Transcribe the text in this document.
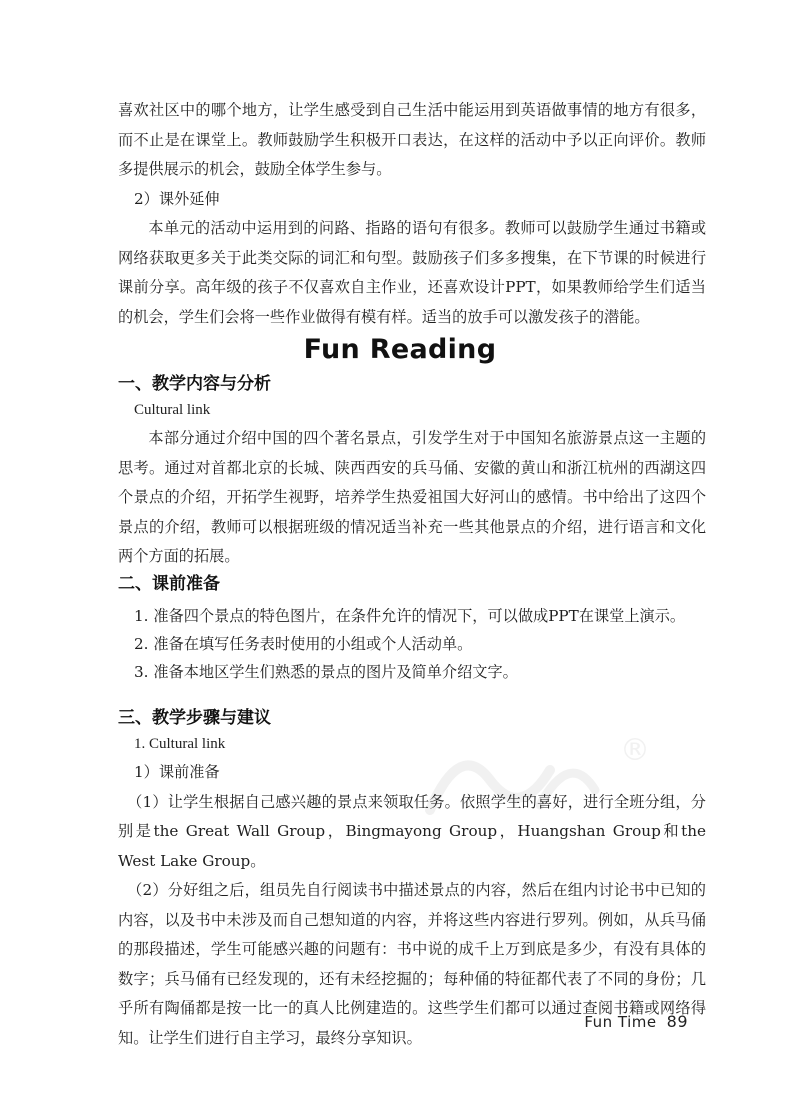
喜欢社区中的哪个地方，让学生感受到自己生活中能运用到英语做事情的地方有很多，而不止是在课堂上。教师鼓励学生积极开口表达，在这样的活动中予以正向评价。教师多提供展示的机会，鼓励全体学生参与。

2）课外延伸

本单元的活动中运用到的问路、指路的语句有很多。教师可以鼓励学生通过书籍或网络获取更多关于此类交际的词汇和句型。鼓励孩子们多多搜集，在下节课的时候进行课前分享。高年级的孩子不仅喜欢自主作业，还喜欢设计PPT，如果教师给学生们适当的机会，学生们会将一些作业做得有模有样。适当的放手可以激发孩子的潜能。

Fun Reading
一、教学内容与分析
Cultural link

本部分通过介绍中国的四个著名景点，引发学生对于中国知名旅游景点这一主题的思考。通过对首都北京的长城、陕西西安的兵马俑、安徽的黄山和浙江杭州的西湖这四个景点的介绍，开拓学生视野，培养学生热爱祖国大好河山的感情。书中给出了这四个景点的介绍，教师可以根据班级的情况适当补充一些其他景点的介绍，进行语言和文化两个方面的拓展。

二、课前准备
1. 准备四个景点的特色图片，在条件允许的情况下，可以做成PPT在课堂上演示。
2. 准备在填写任务表时使用的小组或个人活动单。
3. 准备本地区学生们熟悉的景点的图片及简单介绍文字。
三、教学步骤与建议
1. Cultural link

1）课前准备

（1）让学生根据自己感兴趣的景点来领取任务。依照学生的喜好，进行全班分组，分别是the Great Wall Group，Bingmayong Group，Huangshan Group和the West Lake Group。

（2）分好组之后，组员先自行阅读书中描述景点的内容，然后在组内讨论书中已知的内容，以及书中未涉及而自己想知道的内容，并将这些内容进行罗列。例如，从兵马俑的那段描述，学生可能感兴趣的问题有：书中说的成千上万到底是多少，有没有具体的数字；兵马俑有已经发现的，还有未经挖掘的；每种俑的特征都代表了不同的身份；几乎所有陶俑都是按一比一的真人比例建造的。这些学生们都可以通过查阅书籍或网络得知。让学生们进行自主学习，最终分享知识。

®
Fun Time 89
